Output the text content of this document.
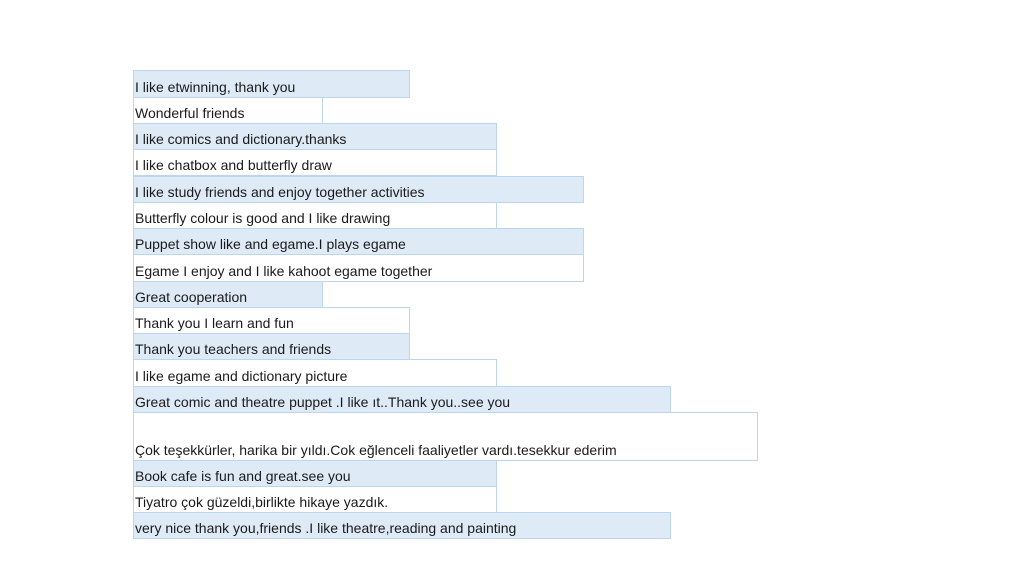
I like etwinning, thank you
Wonderful friends
I like comics and dictionary.thanks
I like chatbox and butterfly draw
I like study friends and enjoy together activities
Butterfly colour is good and I like drawing
Puppet show like and egame.I plays egame
Egame I enjoy and I like kahoot egame together
Great cooperation
Thank you I learn and fun
Thank you teachers and friends
I like egame and dictionary picture
Great comic and theatre puppet .I like ıt..Thank you..see you
Çok teşekkürler, harika bir yıldı.Cok eğlenceli faaliyetler vardı.tesekkur ederim
Book cafe is fun and great.see you
Tiyatro çok güzeldi,birlikte hikaye yazdık.
very nice thank you,friends .I like theatre,reading and painting
